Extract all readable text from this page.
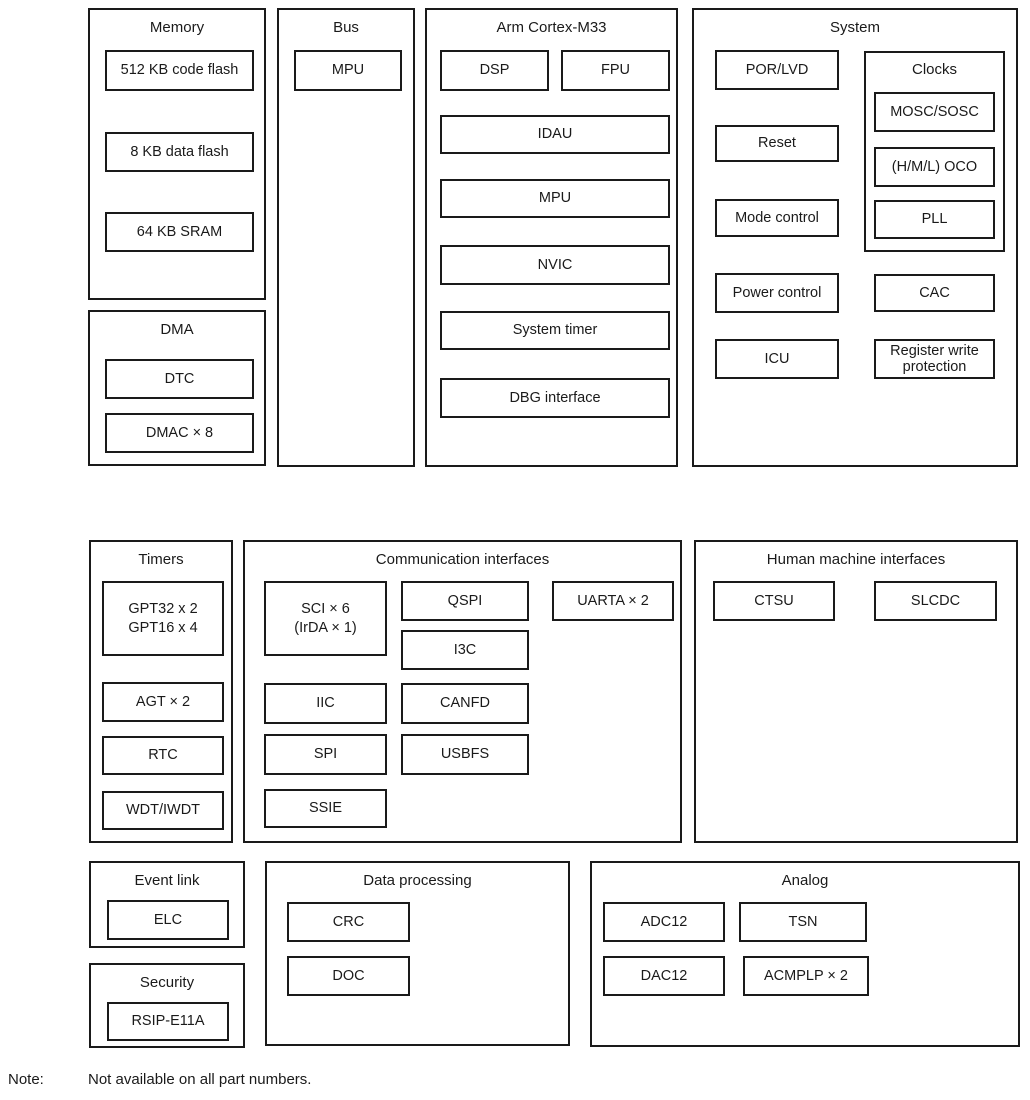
Memory
512 KB code flash
8 KB data flash
64 KB SRAM
DMA
DTC
DMAC × 8
Bus
MPU
Arm Cortex-M33
DSP	FPU
IDAU
MPU
NVIC
System timer
DBG interface
System
POR/LVD
Reset
Mode control
Power control
ICU
Clocks
MOSC/SOSC
(H/M/L) OCO
PLL
CAC
Register write protection
Timers
GPT32 x 2
GPT16 x 4
AGT × 2
RTC
WDT/IWDT
Communication interfaces
SCI × 6
(IrDA × 1)
QSPI
I3C
UARTA × 2
IIC	CANFD
SPI	USBFS
SSIE
Human machine interfaces
CTSU	SLCDC
Event link
ELC
Security
RSIP-E11A
Data processing
CRC
DOC
Analog
ADC12	TSN
DAC12	ACMPLP × 2
Note:	Not available on all part numbers.
